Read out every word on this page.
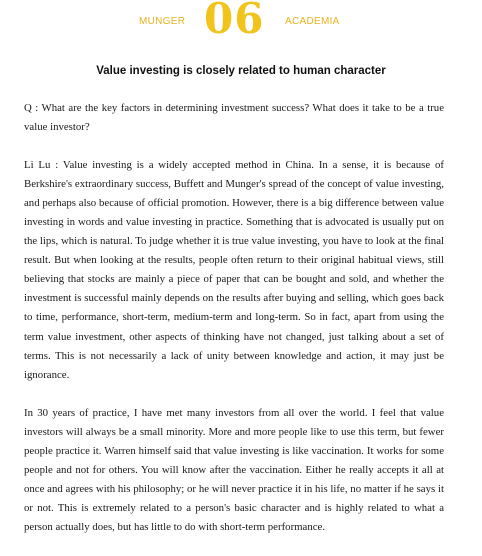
MUNGER 06 ACADEMIA
Value investing is closely related to human character

Q : What are the key factors in determining investment success? What does it take to be a true value investor?

Li Lu : Value investing is a widely accepted method in China. In a sense, it is because of Berkshire's extraordinary success, Buffett and Munger's spread of the concept of value investing, and perhaps also because of official promotion. However, there is a big difference between value investing in words and value investing in practice. Something that is advocated is usually put on the lips, which is natural. To judge whether it is true value investing, you have to look at the final result. But when looking at the results, people often return to their original habitual views, still believing that stocks are mainly a piece of paper that can be bought and sold, and whether the investment is successful mainly depends on the results after buying and selling, which goes back to time, performance, short-term, medium-term and long-term. So in fact, apart from using the term value investment, other aspects of thinking have not changed, just talking about a set of terms. This is not necessarily a lack of unity between knowledge and action, it may just be ignorance.

In 30 years of practice, I have met many investors from all over the world. I feel that value investors will always be a small minority. More and more people like to use this term, but fewer people practice it. Warren himself said that value investing is like vaccination. It works for some people and not for others. You will know after the vaccination. Either he really accepts it all at once and agrees with his philosophy; or he will never practice it in his life, no matter if he says it or not. This is extremely related to a person's basic character and is highly related to what a person actually does, but has little to do with short-term performance.
